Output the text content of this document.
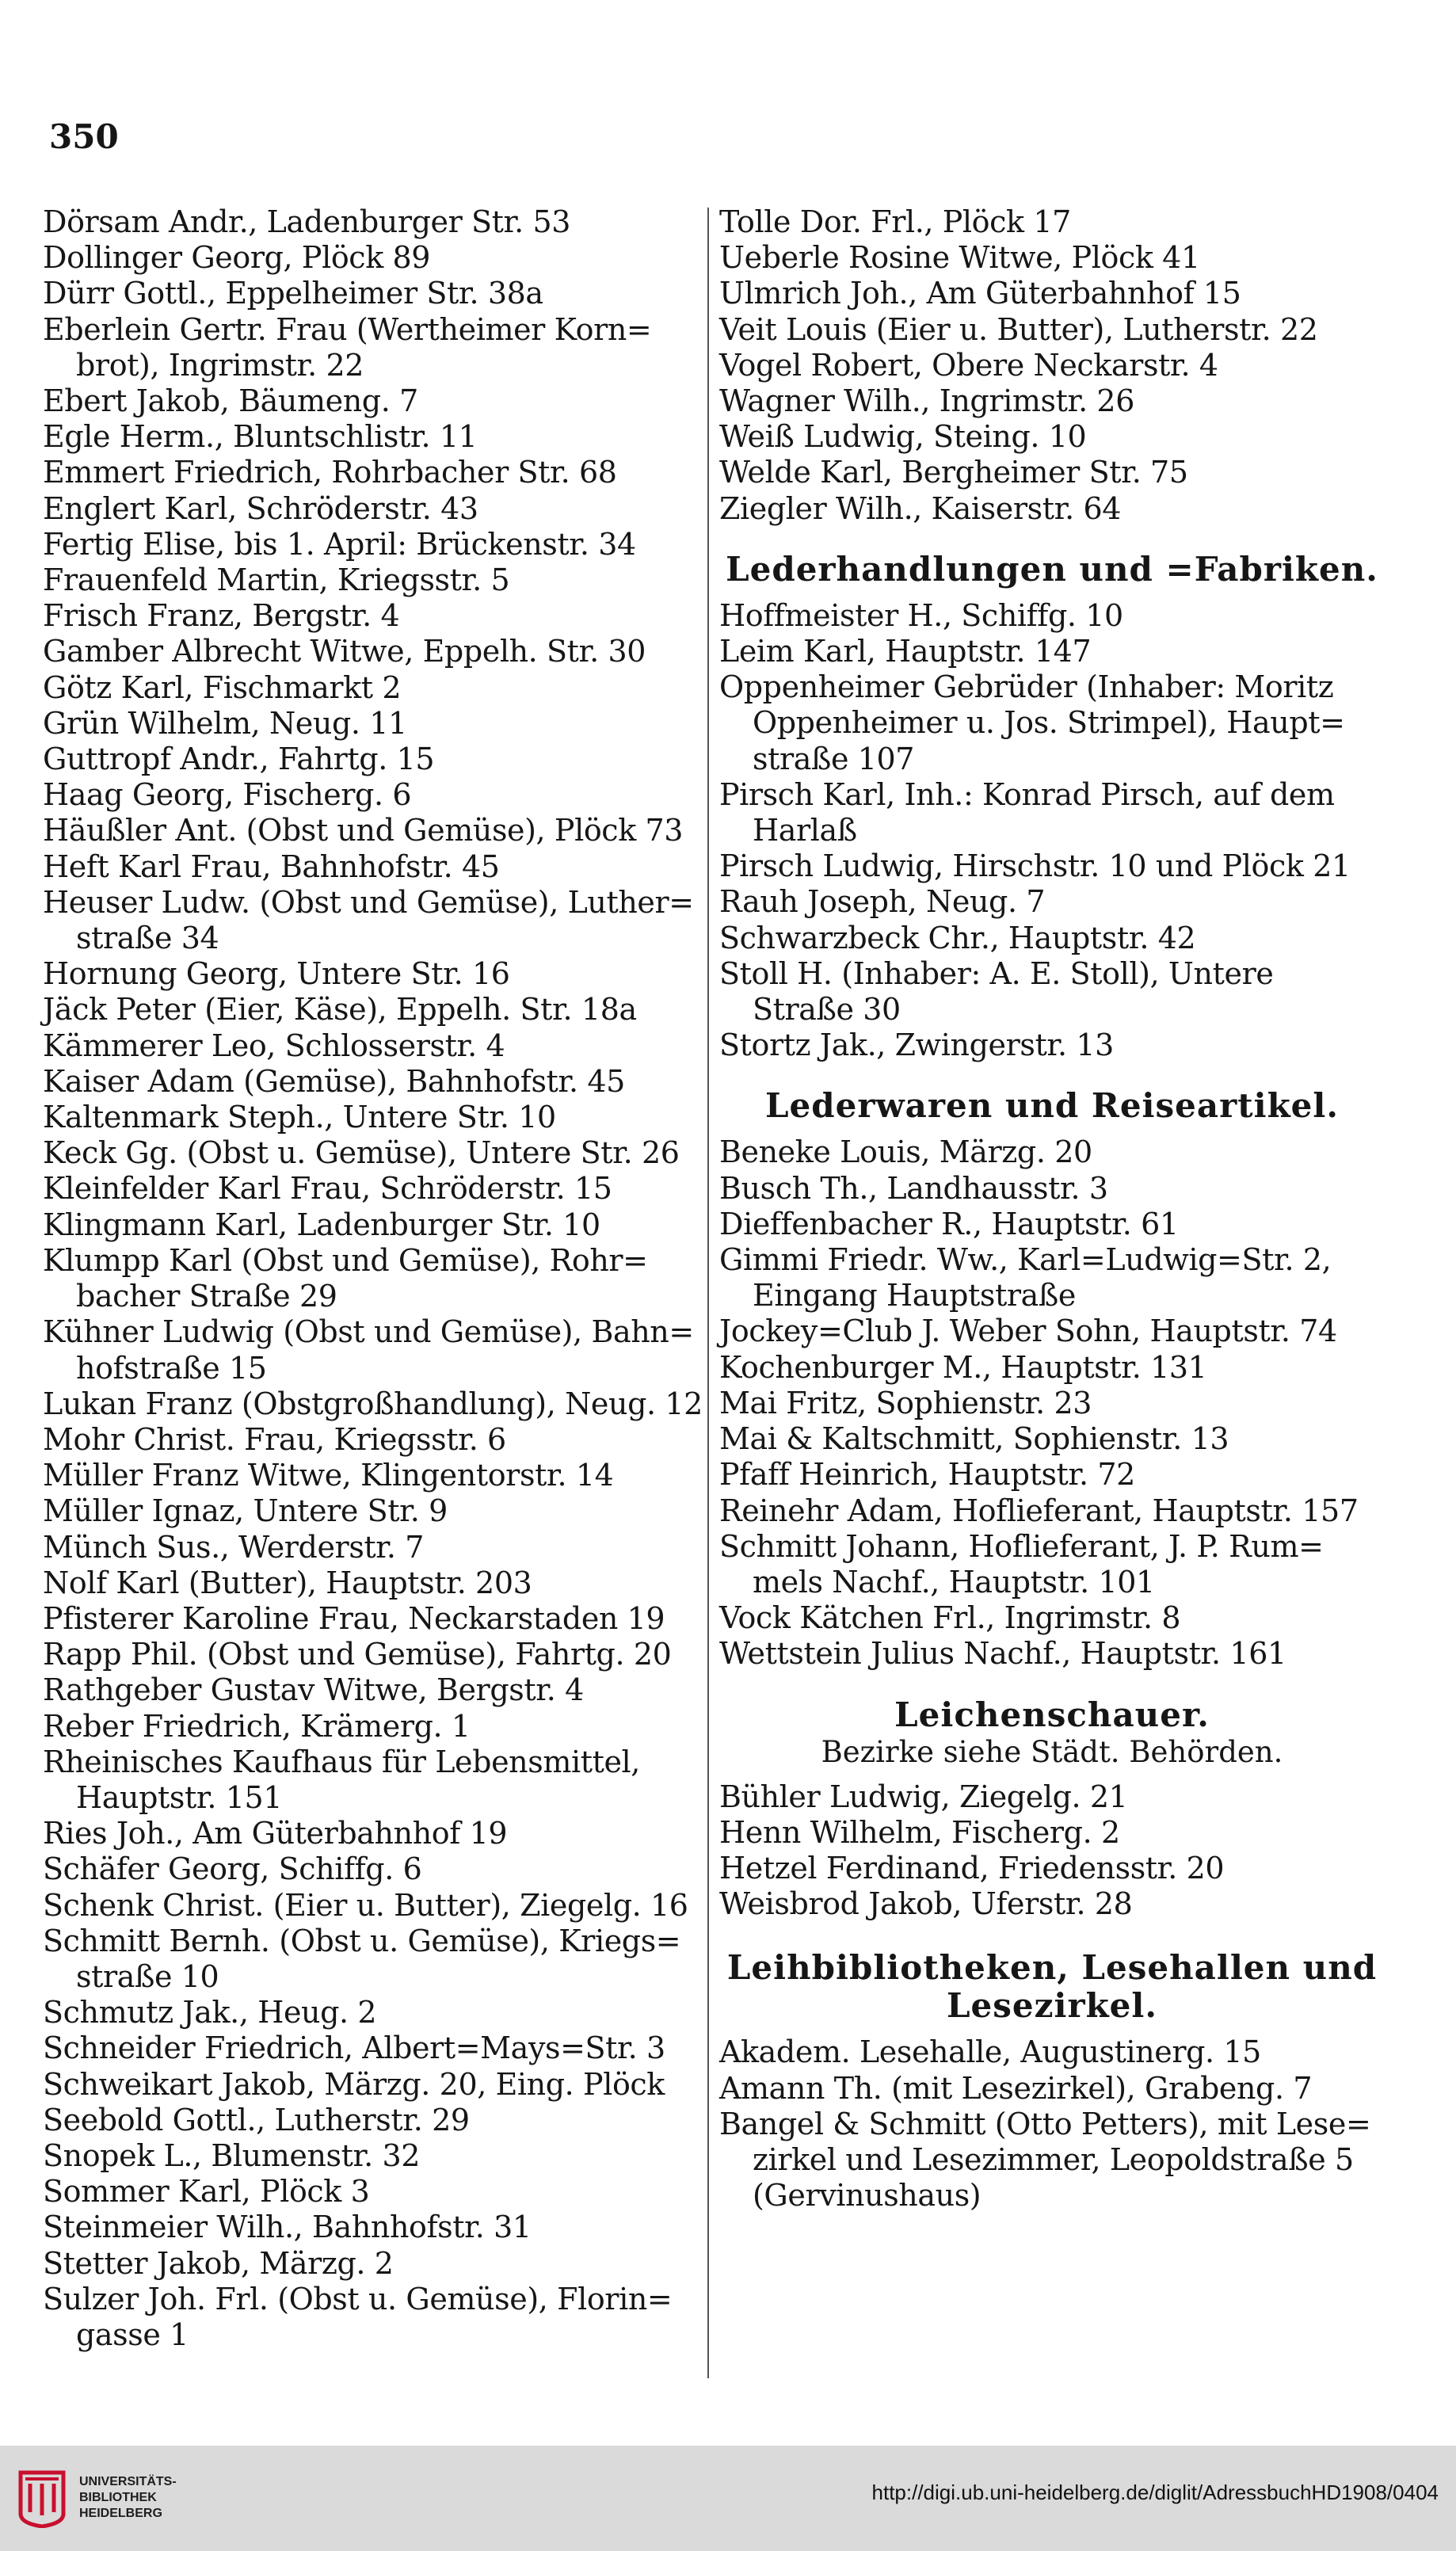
350
Dörsam Andr., Ladenburger Str. 53
Dollinger Georg, Plöck 89
Dürr Gottl., Eppelheimer Str. 38a
Eberlein Gertr. Frau (Wertheimer Korn=
brot), Ingrimstr. 22
Ebert Jakob, Bäumeng. 7
Egle Herm., Bluntschlistr. 11
Emmert Friedrich, Rohrbacher Str. 68
Englert Karl, Schröderstr. 43
Fertig Elise, bis 1. April: Brückenstr. 34
Frauenfeld Martin, Kriegsstr. 5
Frisch Franz, Bergstr. 4
Gamber Albrecht Witwe, Eppelh. Str. 30
Götz Karl, Fischmarkt 2
Grün Wilhelm, Neug. 11
Guttropf Andr., Fahrtg. 15
Haag Georg, Fischerg. 6
Häußler Ant. (Obst und Gemüse), Plöck 73
Heft Karl Frau, Bahnhofstr. 45
Heuser Ludw. (Obst und Gemüse), Luther=
straße 34
Hornung Georg, Untere Str. 16
Jäck Peter (Eier, Käse), Eppelh. Str. 18a
Kämmerer Leo, Schlosserstr. 4
Kaiser Adam (Gemüse), Bahnhofstr. 45
Kaltenmark Steph., Untere Str. 10
Keck Gg. (Obst u. Gemüse), Untere Str. 26
Kleinfelder Karl Frau, Schröderstr. 15
Klingmann Karl, Ladenburger Str. 10
Klumpp Karl (Obst und Gemüse), Rohr=
bacher Straße 29
Kühner Ludwig (Obst und Gemüse), Bahn=
hofstraße 15
Lukan Franz (Obstgroßhandlung), Neug. 12
Mohr Christ. Frau, Kriegsstr. 6
Müller Franz Witwe, Klingentorstr. 14
Müller Ignaz, Untere Str. 9
Münch Sus., Werderstr. 7
Nolf Karl (Butter), Hauptstr. 203
Pfisterer Karoline Frau, Neckarstaden 19
Rapp Phil. (Obst und Gemüse), Fahrtg. 20
Rathgeber Gustav Witwe, Bergstr. 4
Reber Friedrich, Krämerg. 1
Rheinisches Kaufhaus für Lebensmittel,
Hauptstr. 151
Ries Joh., Am Güterbahnhof 19
Schäfer Georg, Schiffg. 6
Schenk Christ. (Eier u. Butter), Ziegelg. 16
Schmitt Bernh. (Obst u. Gemüse), Kriegs=
straße 10
Schmutz Jak., Heug. 2
Schneider Friedrich, Albert=Mays=Str. 3
Schweikart Jakob, Märzg. 20, Eing. Plöck
Seebold Gottl., Lutherstr. 29
Snopek L., Blumenstr. 32
Sommer Karl, Plöck 3
Steinmeier Wilh., Bahnhofstr. 31
Stetter Jakob, Märzg. 2
Sulzer Joh. Frl. (Obst u. Gemüse), Florin=
gasse 1
Tolle Dor. Frl., Plöck 17
Ueberle Rosine Witwe, Plöck 41
Ulmrich Joh., Am Güterbahnhof 15
Veit Louis (Eier u. Butter), Lutherstr. 22
Vogel Robert, Obere Neckarstr. 4
Wagner Wilh., Ingrimstr. 26
Weiß Ludwig, Steing. 10
Welde Karl, Bergheimer Str. 75
Ziegler Wilh., Kaiserstr. 64
Lederhandlungen und =Fabriken.
Hoffmeister H., Schiffg. 10
Leim Karl, Hauptstr. 147
Oppenheimer Gebrüder (Inhaber: Moritz
Oppenheimer u. Jos. Strimpel), Haupt=
straße 107
Pirsch Karl, Inh.: Konrad Pirsch, auf dem
Harlaß
Pirsch Ludwig, Hirschstr. 10 und Plöck 21
Rauh Joseph, Neug. 7
Schwarzbeck Chr., Hauptstr. 42
Stoll H. (Inhaber: A. E. Stoll), Untere
Straße 30
Stortz Jak., Zwingerstr. 13
Lederwaren und Reiseartikel.
Beneke Louis, Märzg. 20
Busch Th., Landhausstr. 3
Dieffenbacher R., Hauptstr. 61
Gimmi Friedr. Ww., Karl=Ludwig=Str. 2,
Eingang Hauptstraße
Jockey=Club J. Weber Sohn, Hauptstr. 74
Kochenburger M., Hauptstr. 131
Mai Fritz, Sophienstr. 23
Mai & Kaltschmitt, Sophienstr. 13
Pfaff Heinrich, Hauptstr. 72
Reinehr Adam, Hoflieferant, Hauptstr. 157
Schmitt Johann, Hoflieferant, J. P. Rum=
mels Nachf., Hauptstr. 101
Vock Kätchen Frl., Ingrimstr. 8
Wettstein Julius Nachf., Hauptstr. 161
Leichenschauer.
Bezirke siehe Städt. Behörden.
Bühler Ludwig, Ziegelg. 21
Henn Wilhelm, Fischerg. 2
Hetzel Ferdinand, Friedensstr. 20
Weisbrod Jakob, Uferstr. 28
Leihbibliotheken, Lesehallen und
Lesezirkel.
Akadem. Lesehalle, Augustinerg. 15
Amann Th. (mit Lesezirkel), Grabeng. 7
Bangel & Schmitt (Otto Petters), mit Lese=
zirkel und Lesezimmer, Leopoldstraße 5
(Gervinushaus)
UNIVERSITÄTS-
BIBLIOTHEK
HEIDELBERG
http://digi.ub.uni-heidelberg.de/diglit/AdressbuchHD1908/0404
